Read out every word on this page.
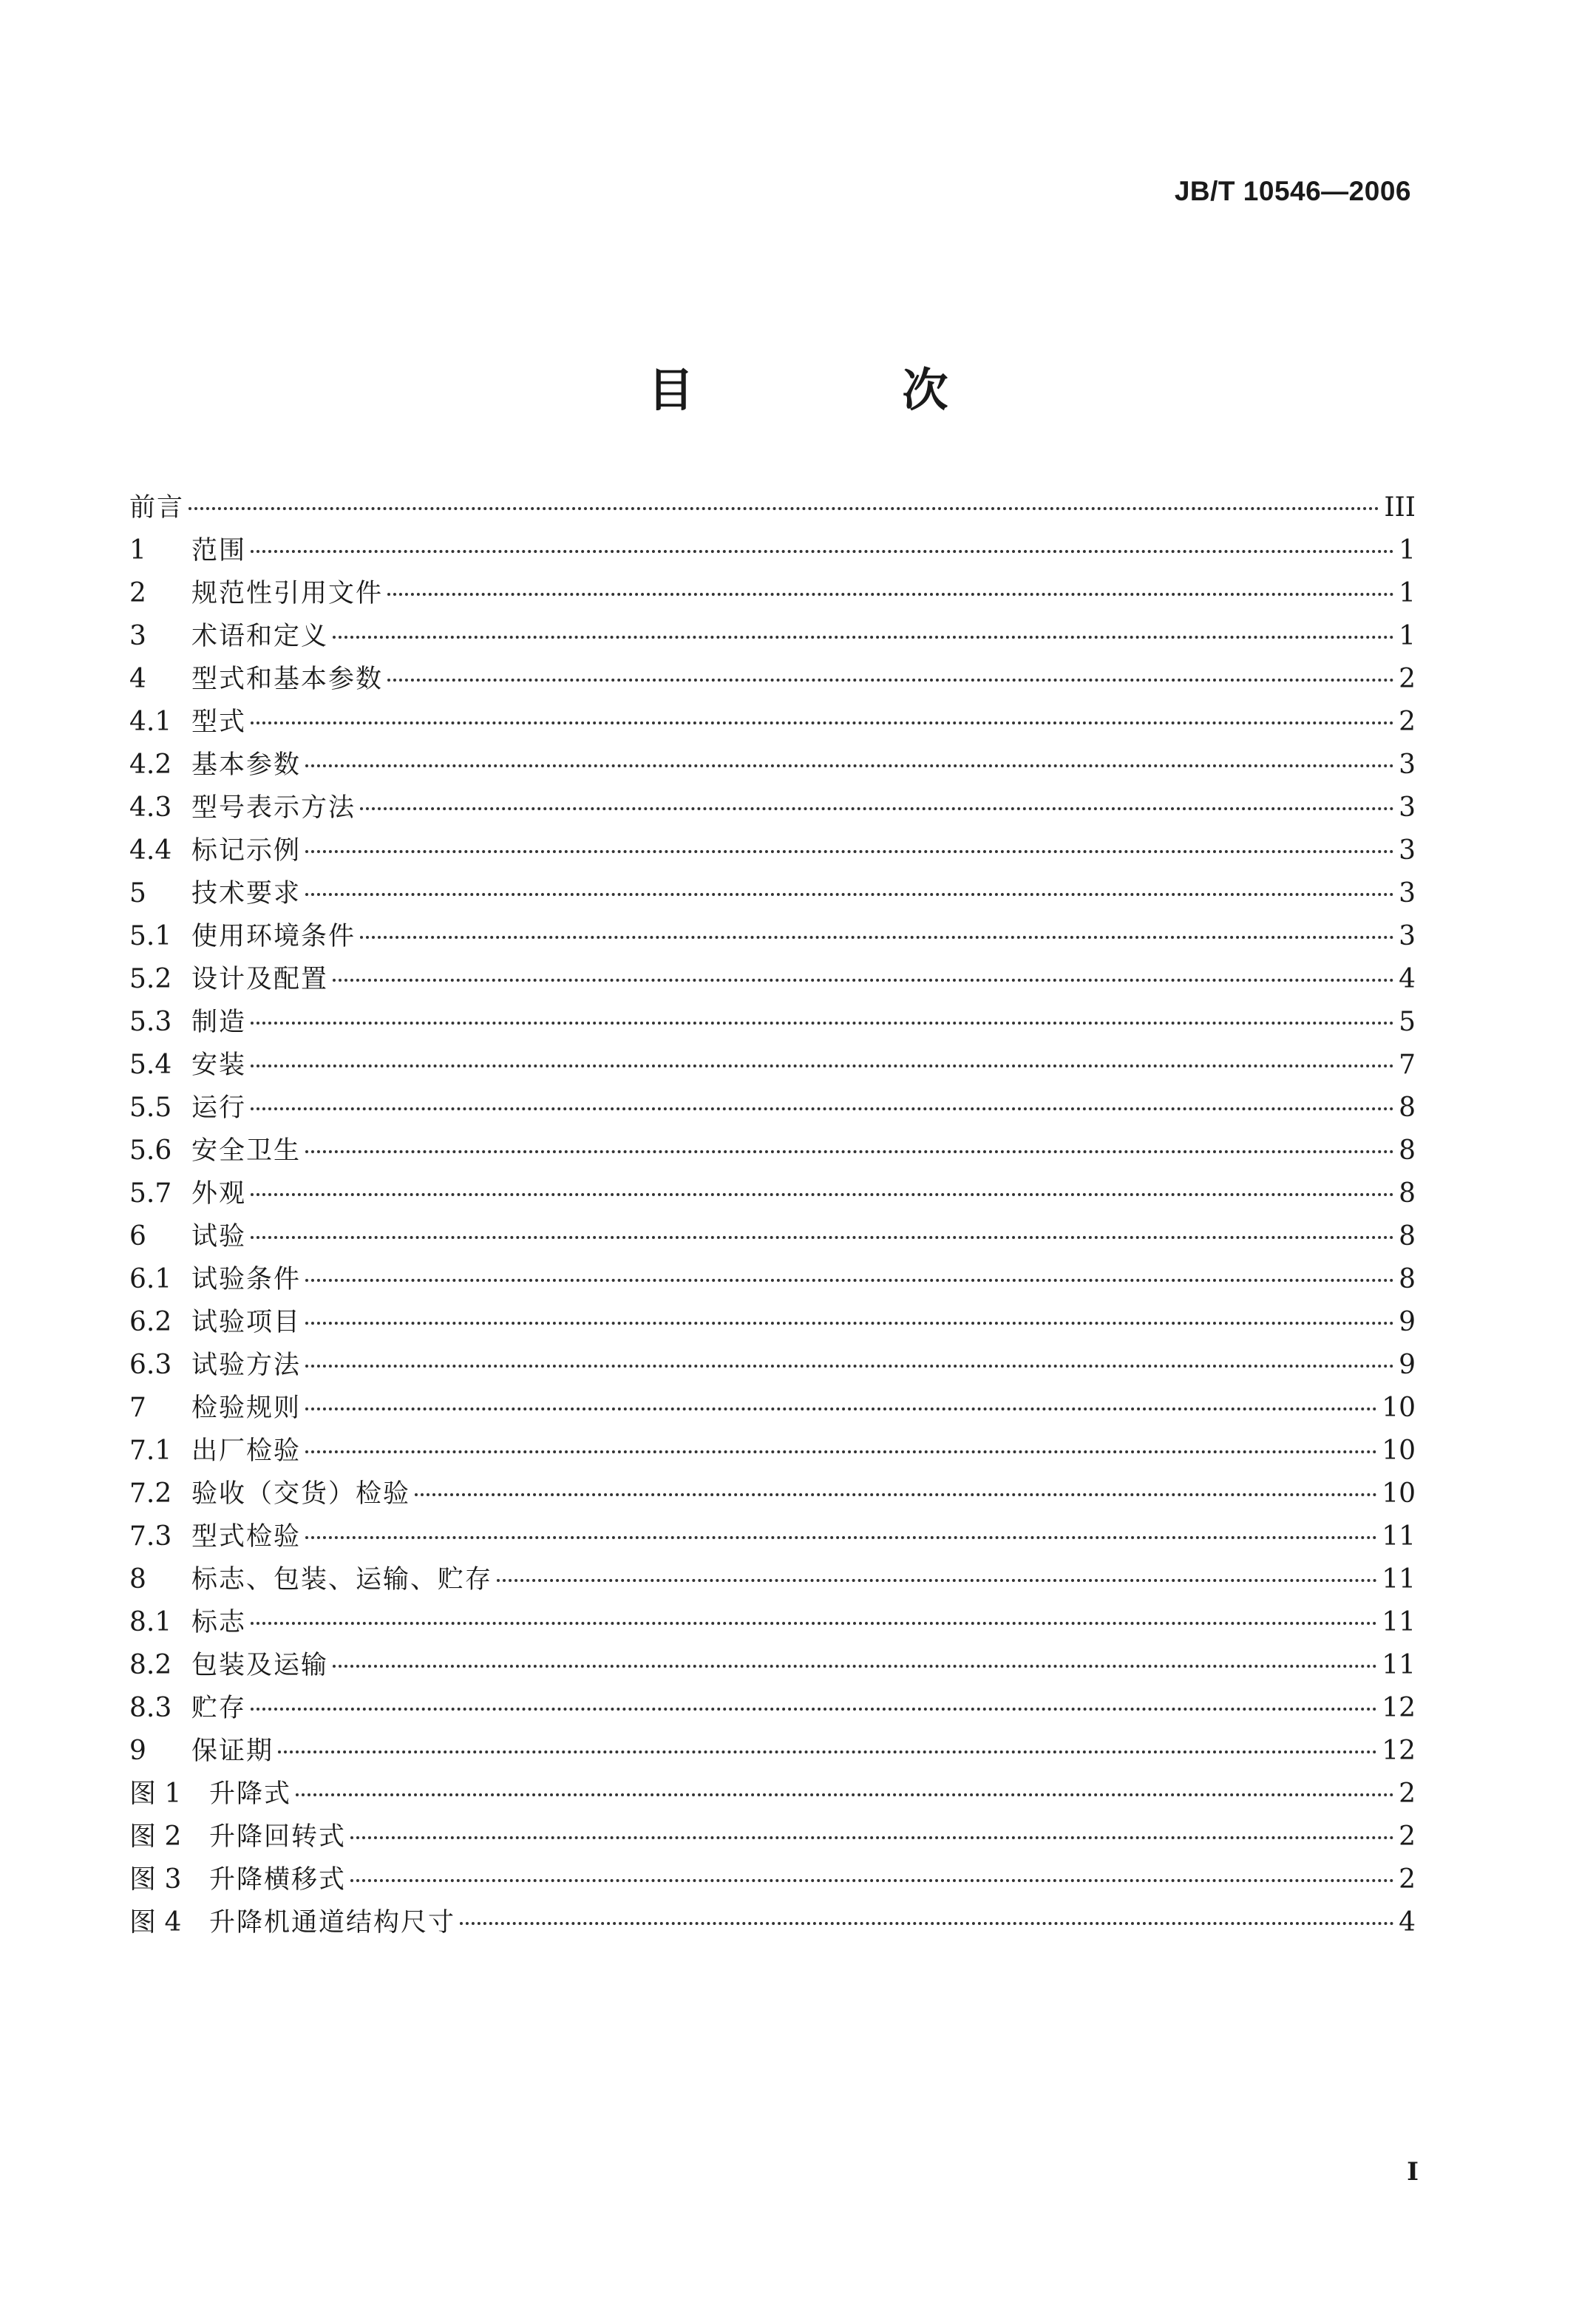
JB/T 10546—2006
目　次
前言	III
1	范围	1
2	规范性引用文件	1
3	术语和定义	1
4	型式和基本参数	2
4.1 型式	2
4.2 基本参数	3
4.3 型号表示方法	3
4.4 标记示例	3
5	技术要求	3
5.1 使用环境条件	3
5.2 设计及配置	4
5.3 制造	5
5.4 安装	7
5.5 运行	8
5.6 安全卫生	8
5.7 外观	8
6	试验	8
6.1 试验条件	8
6.2 试验项目	9
6.3 试验方法	9
7	检验规则	10
7.1 出厂检验	10
7.2 验收（交货）检验	10
7.3 型式检验	11
8	标志、包装、运输、贮存	11
8.1 标志	11
8.2 包装及运输	11
8.3 贮存	12
9	保证期	12
图 1	升降式	2
图 2	升降回转式	2
图 3	升降横移式	2
图 4	升降机通道结构尺寸	4
I
